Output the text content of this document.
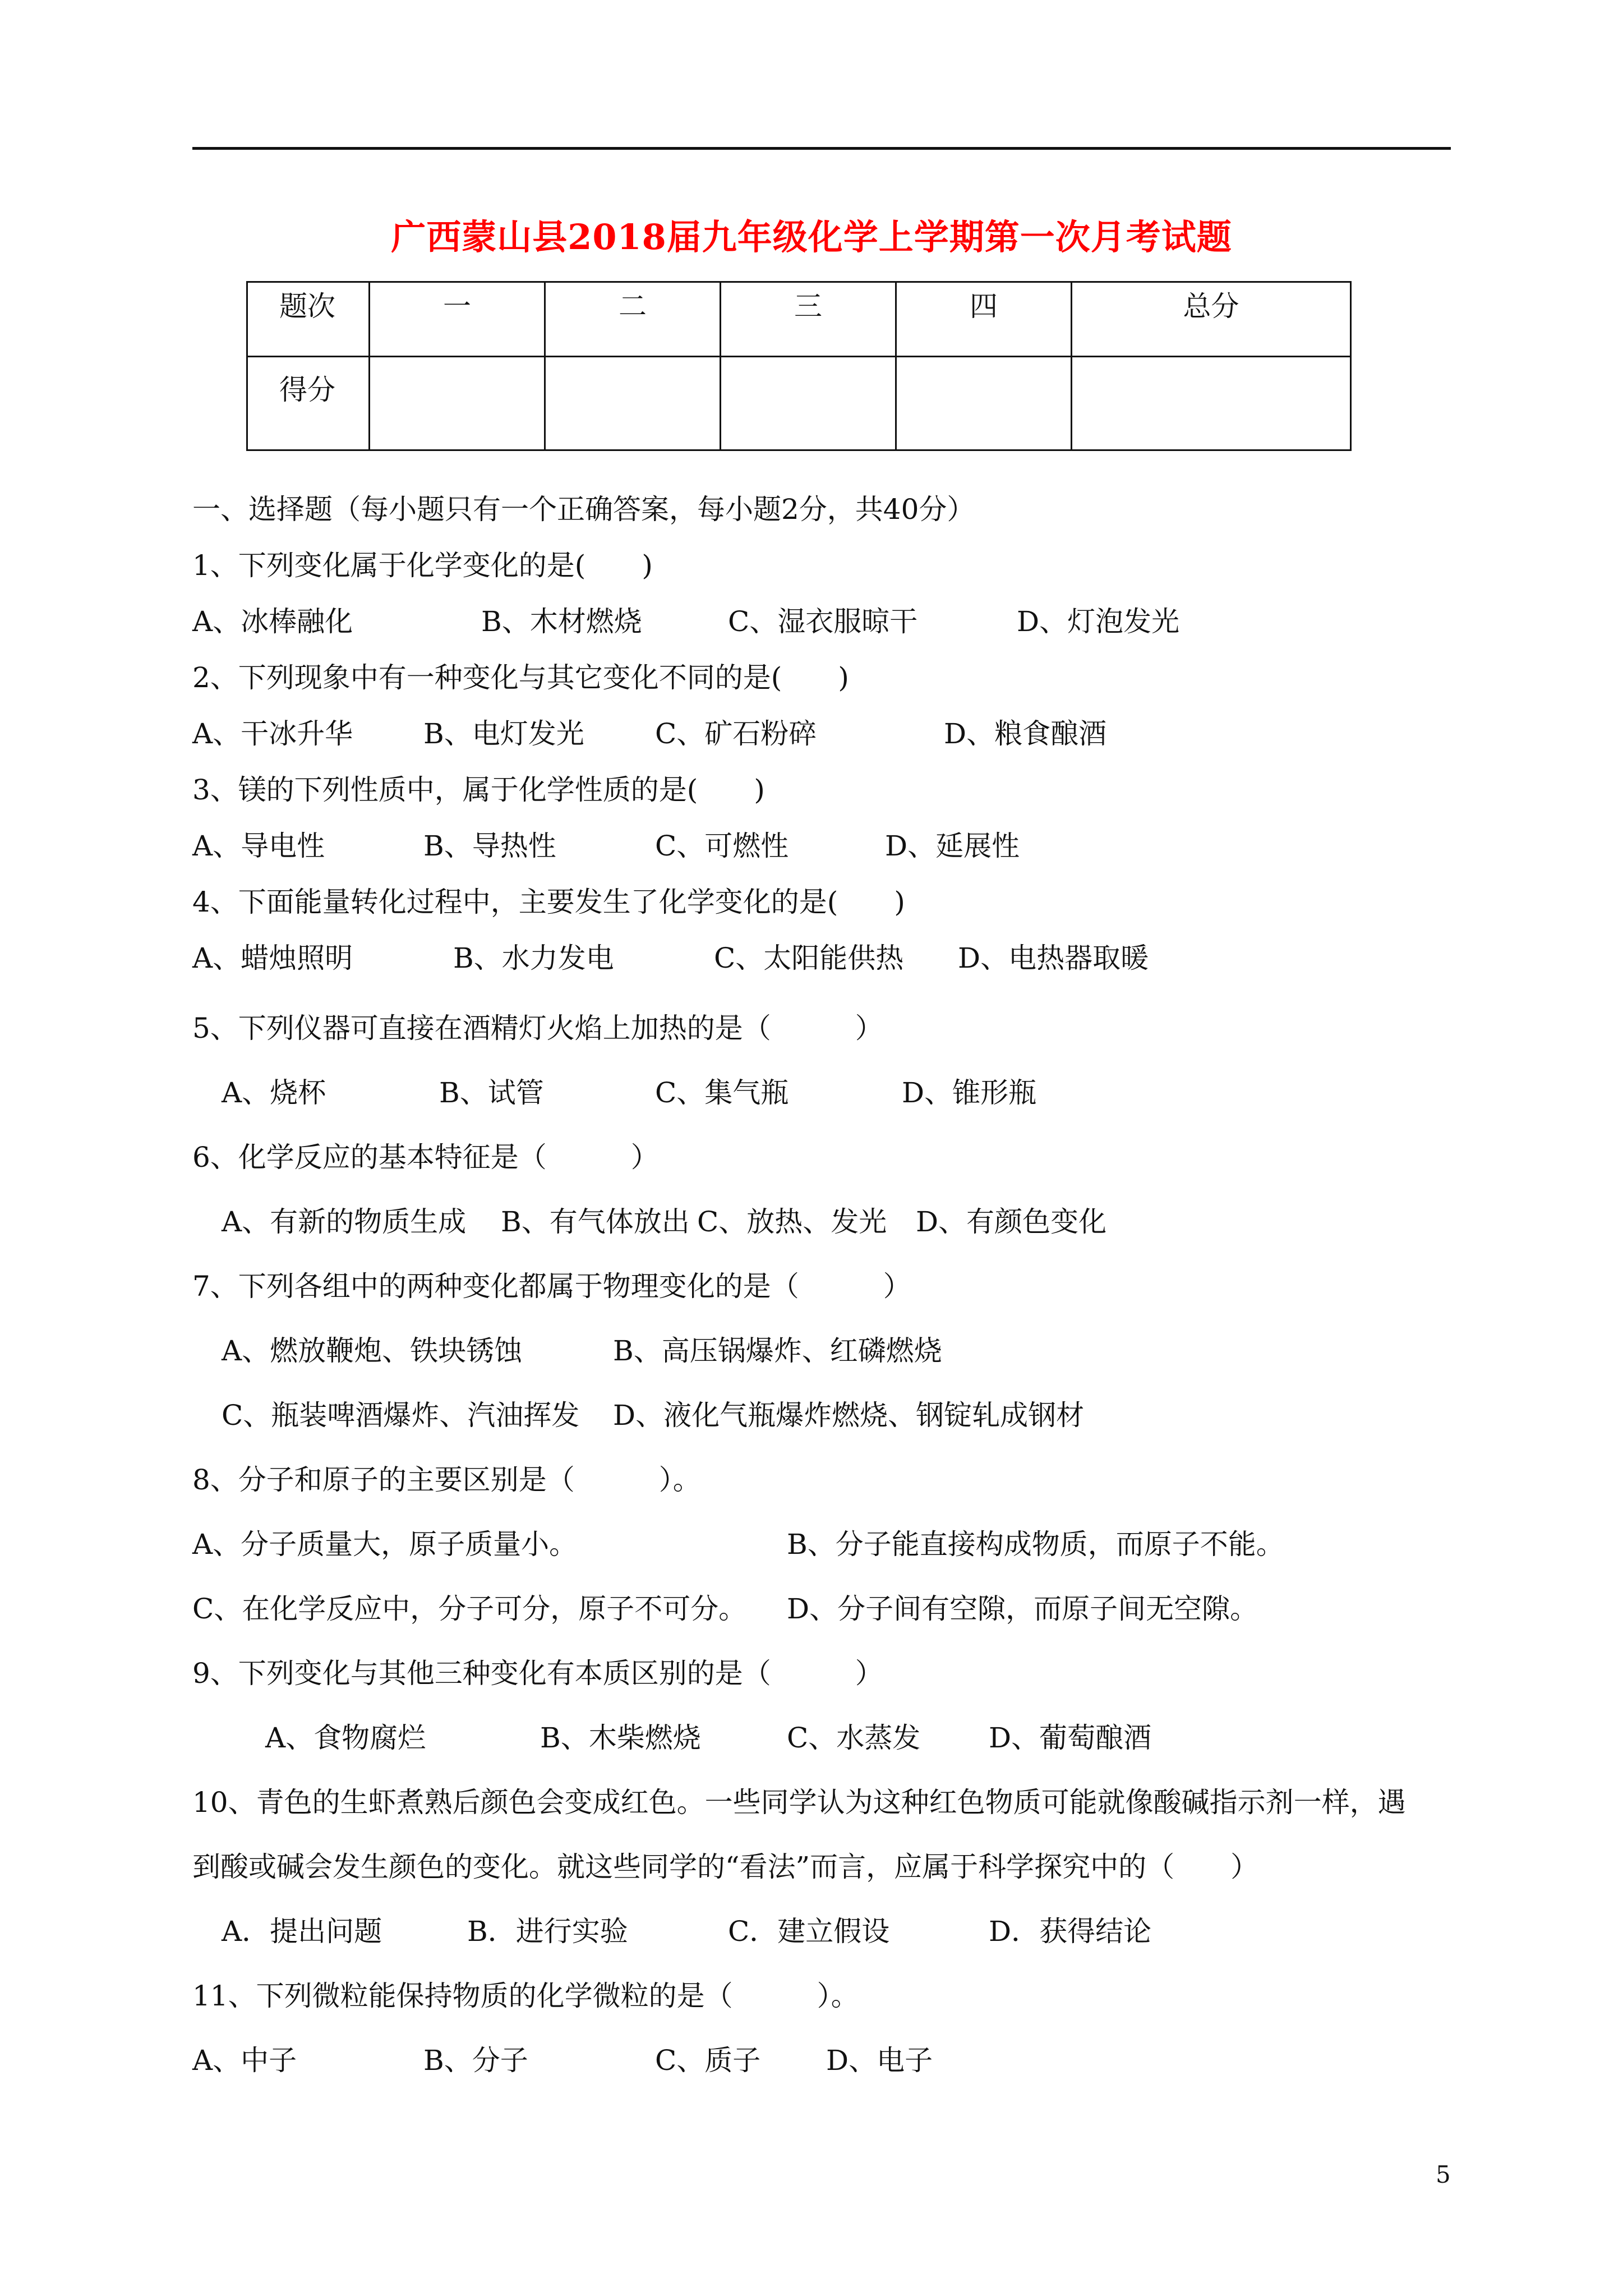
广西蒙山县2018届九年级化学上学期第一次月考试题
题次	一	二	三	四	总分
得分					
一、选择题（每小题只有一个正确答案，每小题2分，共40分）
1、下列变化属于化学变化的是(　　)
A、冰棒融化	B、木材燃烧	C、湿衣服晾干	D、灯泡发光
2、下列现象中有一种变化与其它变化不同的是(　　)
A、干冰升华	B、电灯发光	C、矿石粉碎	D、粮食酿酒
3、镁的下列性质中，属于化学性质的是(　　)
A、导电性	B、导热性	C、可燃性	D、延展性
4、下面能量转化过程中，主要发生了化学变化的是(　　)
A、蜡烛照明	B、水力发电	C、太阳能供热 D、电热器取暖
5、下列仪器可直接在酒精灯火焰上加热的是（　　　）
A、烧杯	B、试管	C、集气瓶	D、锥形瓶
6、化学反应的基本特征是（　　　）
A、有新的物质生成 B、有气体放出 C、放热、发光 D、有颜色变化
7、下列各组中的两种变化都属于物理变化的是（　　　）
A、燃放鞭炮、铁块锈蚀	B、高压锅爆炸、红磷燃烧
C、瓶装啤酒爆炸、汽油挥发 D、液化气瓶爆炸燃烧、钢锭轧成钢材
8、分子和原子的主要区别是（　　　）。
A、分子质量大，原子质量小。	B、分子能直接构成物质，而原子不能。
C、在化学反应中，分子可分，原子不可分。 D、分子间有空隙，而原子间无空隙。
9、下列变化与其他三种变化有本质区别的是（　　　）
A、食物腐烂	B、木柴燃烧	C、水蒸发 D、葡萄酿酒
10、青色的生虾煮熟后颜色会变成红色。一些同学认为这种红色物质可能就像酸碱指示剂一样，遇
到酸或碱会发生颜色的变化。就这些同学的“看法”而言，应属于科学探究中的（　　）
A．提出问题	B．进行实验	C．建立假设	D．获得结论
11、下列微粒能保持物质的化学微粒的是（　　　）。
A、中子	B、分子	C、质子 D、电子
5
